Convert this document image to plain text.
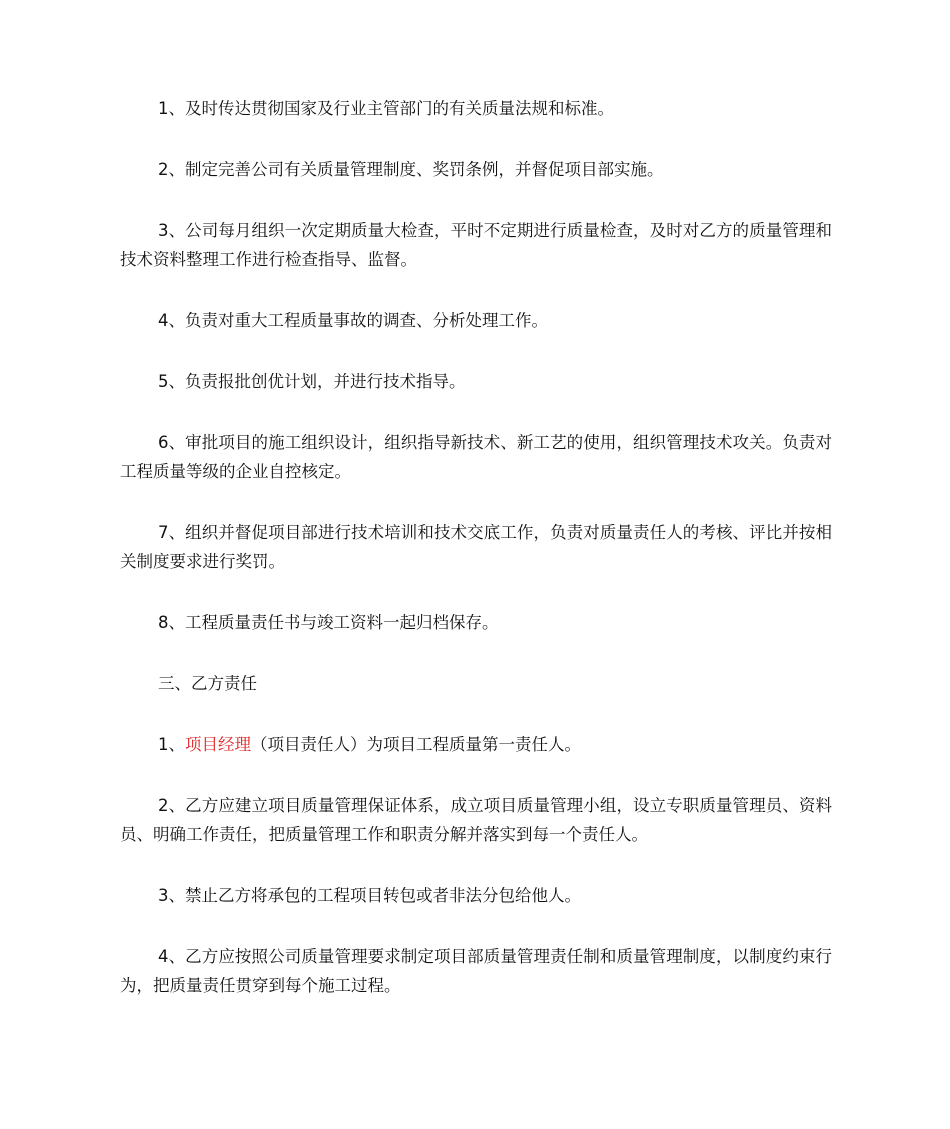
1、及时传达贯彻国家及行业主管部门的有关质量法规和标准。

2、制定完善公司有关质量管理制度、奖罚条例，并督促项目部实施。

3、公司每月组织一次定期质量大检查，平时不定期进行质量检查，及时对乙方的质量管理和技术资料整理工作进行检查指导、监督。

4、负责对重大工程质量事故的调查、分析处理工作。

5、负责报批创优计划，并进行技术指导。

6、审批项目的施工组织设计，组织指导新技术、新工艺的使用，组织管理技术攻关。负责对工程质量等级的企业自控核定。

7、组织并督促项目部进行技术培训和技术交底工作，负责对质量责任人的考核、评比并按相关制度要求进行奖罚。

8、工程质量责任书与竣工资料一起归档保存。

三、乙方责任

1、项目经理（项目责任人）为项目工程质量第一责任人。

2、乙方应建立项目质量管理保证体系，成立项目质量管理小组，设立专职质量管理员、资料员、明确工作责任，把质量管理工作和职责分解并落实到每一个责任人。

3、禁止乙方将承包的工程项目转包或者非法分包给他人。

4、乙方应按照公司质量管理要求制定项目部质量管理责任制和质量管理制度，以制度约束行为，把质量责任贯穿到每个施工过程。
